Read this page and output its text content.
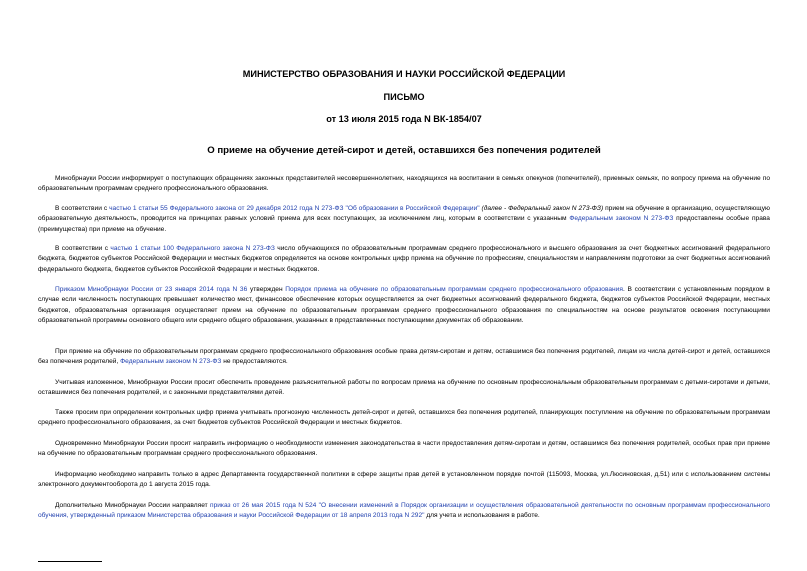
МИНИСТЕРСТВО ОБРАЗОВАНИЯ И НАУКИ РОССИЙСКОЙ ФЕДЕРАЦИИ
ПИСЬМО
от 13 июля 2015 года N ВК-1854/07
О приеме на обучение детей-сирот и детей, оставшихся без попечения родителей

Минобрнауки России информирует о поступающих обращениях законных представителей несовершеннолетних, находящихся на воспитании в семьях опекунов (попечителей), приемных семьях, по вопросу приема на обучение по образовательным программам среднего профессионального образования.

В соответствии с частью 1 статьи 55 Федерального закона от 29 декабря 2012 года N 273-ФЗ "Об образовании в Российской Федерации" (далее - Федеральный закон N 273-ФЗ) прием на обучение в организацию, осуществляющую образовательную деятельность, проводится на принципах равных условий приема для всех поступающих, за исключением лиц, которым в соответствии с указанным Федеральным законом N 273-ФЗ предоставлены особые права (преимущества) при приеме на обучение.

В соответствии с частью 1 статьи 100 Федерального закона N 273-ФЗ число обучающихся по образовательным программам среднего профессионального и высшего образования за счет бюджетных ассигнований федерального бюджета, бюджетов субъектов Российской Федерации и местных бюджетов определяется на основе контрольных цифр приема на обучение по профессиям, специальностям и направлениям подготовки за счет бюджетных ассигнований федерального бюджета, бюджетов субъектов Российской Федерации и местных бюджетов.

Приказом Минобрнауки России от 23 января 2014 года N 36 утвержден Порядок приема на обучение по образовательным программам среднего профессионального образования. В соответствии с установленным порядком в случае если численность поступающих превышает количество мест, финансовое обеспечение которых осуществляется за счет бюджетных ассигнований федерального бюджета, бюджетов субъектов Российской Федерации, местных бюджетов, образовательная организация осуществляет прием на обучение по образовательным программам среднего профессионального образования по специальностям на основе результатов освоения поступающими образовательной программы основного общего или среднего общего образования, указанных в представленных поступающими документах об образовании.

При приеме на обучение по образовательным программам среднего профессионального образования особые права детям-сиротам и детям, оставшимся без попечения родителей, лицам из числа детей-сирот и детей, оставшихся без попечения родителей, Федеральным законом N 273-ФЗ не предоставляются.

Учитывая изложенное, Минобрнауки России просит обеспечить проведение разъяснительной работы по вопросам приема на обучение по основным профессиональным образовательным программам с детьми-сиротами и детьми, оставшимися без попечения родителей, и с законными представителями детей.

Также просим при определении контрольных цифр приема учитывать прогнозную численность детей-сирот и детей, оставшихся без попечения родителей, планирующих поступление на обучение по образовательным программам среднего профессионального образования, за счет бюджетов субъектов Российской Федерации и местных бюджетов.

Одновременно Минобрнауки России просит направить информацию о необходимости изменения законодательства в части предоставления детям-сиротам и детям, оставшимся без попечения родителей, особых прав при приеме на обучение по образовательным программам среднего профессионального образования.

Информацию необходимо направить только в адрес Департамента государственной политики в сфере защиты прав детей в установленном порядке почтой (115093, Москва, ул.Люсиновская, д.51) или с использованием системы электронного документооборота до 1 августа 2015 года.

Дополнительно Минобрнауки России направляет приказ от 26 мая 2015 года N 524 "О внесении изменений в Порядок организации и осуществления образовательной деятельности по основным программам профессионального обучения, утвержденный приказом Министерства образования и науки Российской Федерации от 18 апреля 2013 года N 292" для учета и использования в работе.
